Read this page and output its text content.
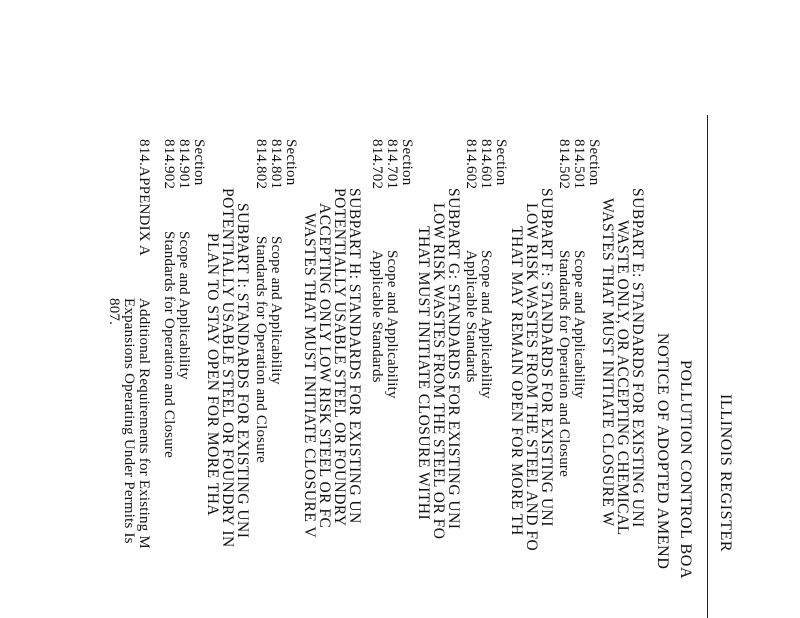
ILLINOIS REGISTER
POLLUTION CONTROL BOA
NOTICE OF ADOPTED AMEND
SUBPART E: STANDARDS FOR EXISTING UNI
WASTE ONLY, OR ACCEPTING CHEMICAL
WASTES THAT MUST INITIATE CLOSURE W
Section
814.501
Scope and Applicability
814.502
Standards for Operation and Closure
SUBPART F: STANDARDS FOR EXISTING UNI
LOW RISK WASTES FROM THE STEEL AND FO
THAT MAY REMAIN OPEN FOR MORE TH
Section
814.601
Scope and Applicability
814.602
Applicable Standards
SUBPART G: STANDARDS FOR EXISTING UNI
LOW RISK WASTES FROM THE STEEL OR FO
THAT MUST INITIATE CLOSURE WITHI
Section
814.701
Scope and Applicability
814.702
Applicable Standards
SUBPART H: STANDARDS FOR EXISTING UN
POTENTIALLY USABLE STEEL OR FOUNDRY
ACCEPTING ONLY LOW RISK STEEL OR FC
WASTES THAT MUST INITIATE CLOSURE V
Section
814.801
Scope and Applicability
814.802
Standards for Operation and Closure
SUBPART I: STANDARDS FOR EXISTING UNI
POTENTIALLY USABLE STEEL OR FOUNDRY IN
PLAN TO STAY OPEN FOR MORE THA
Section
814.901
Scope and Applicability
814.902
Standards for Operation and Closure
814.APPENDIX A
Additional Requirements for Existing M
Expansions Operating Under Permits Is
807.
